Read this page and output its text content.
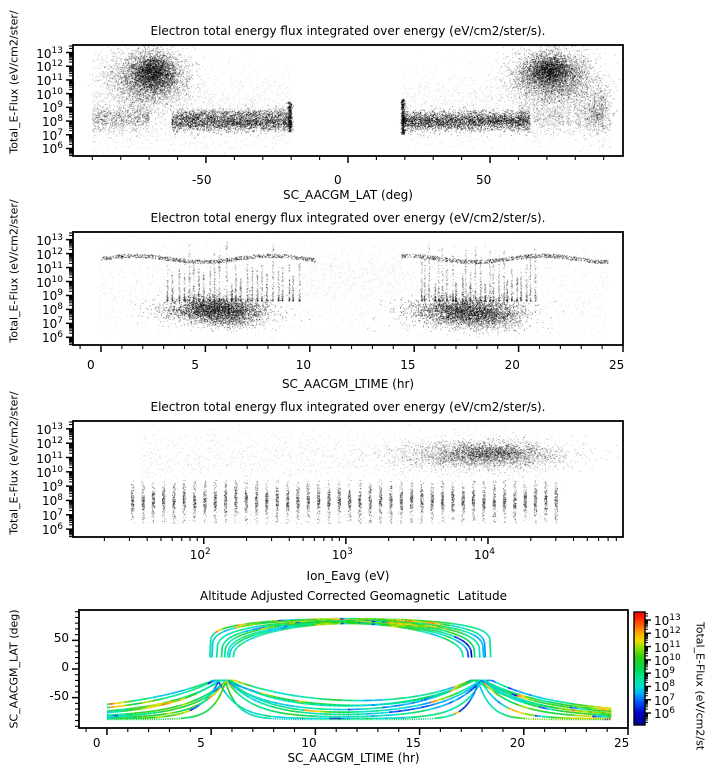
Electron total energy flux integrated over energy (eV/cm2/ster/s).
Total_E-Flux (eV/cm2/ster/
SC_AACGM_LAT (deg)
Electron total energy flux integrated over energy (eV/cm2/ster/s).
Total_E-Flux (eV/cm2/ster/
SC_AACGM_LTIME (hr)
Electron total energy flux integrated over energy (eV/cm2/ster/s).
Total_E-Flux (eV/cm2/ster/
Ion_Eavg (eV)
Altitude Adjusted Corrected Geomagnetic  Latitude
SC_AACGM_LAT (deg)
SC_AACGM_LTIME (hr)
Total_E-Flux (eV/cm2/st
-50	0	50
$10^6$
$10^7$
$10^8$
$10^9$
$10^{10}$
$10^{11}$
$10^{12}$
$10^{13}$
0	5	10	15	20	25
$10^6$
$10^7$
$10^8$
$10^9$
$10^{10}$
$10^{11}$
$10^{12}$
$10^{13}$
$10^2$	$10^3$	$10^4$
$10^6$
$10^7$
$10^8$
$10^9$
$10^{10}$
$10^{11}$
$10^{12}$
$10^{13}$
0	5	10	15	20	25
-50
0
50
$10^6$
$10^7$
$10^8$
$10^9$
$10^{10}$
$10^{11}$
$10^{12}$
$10^{13}$
